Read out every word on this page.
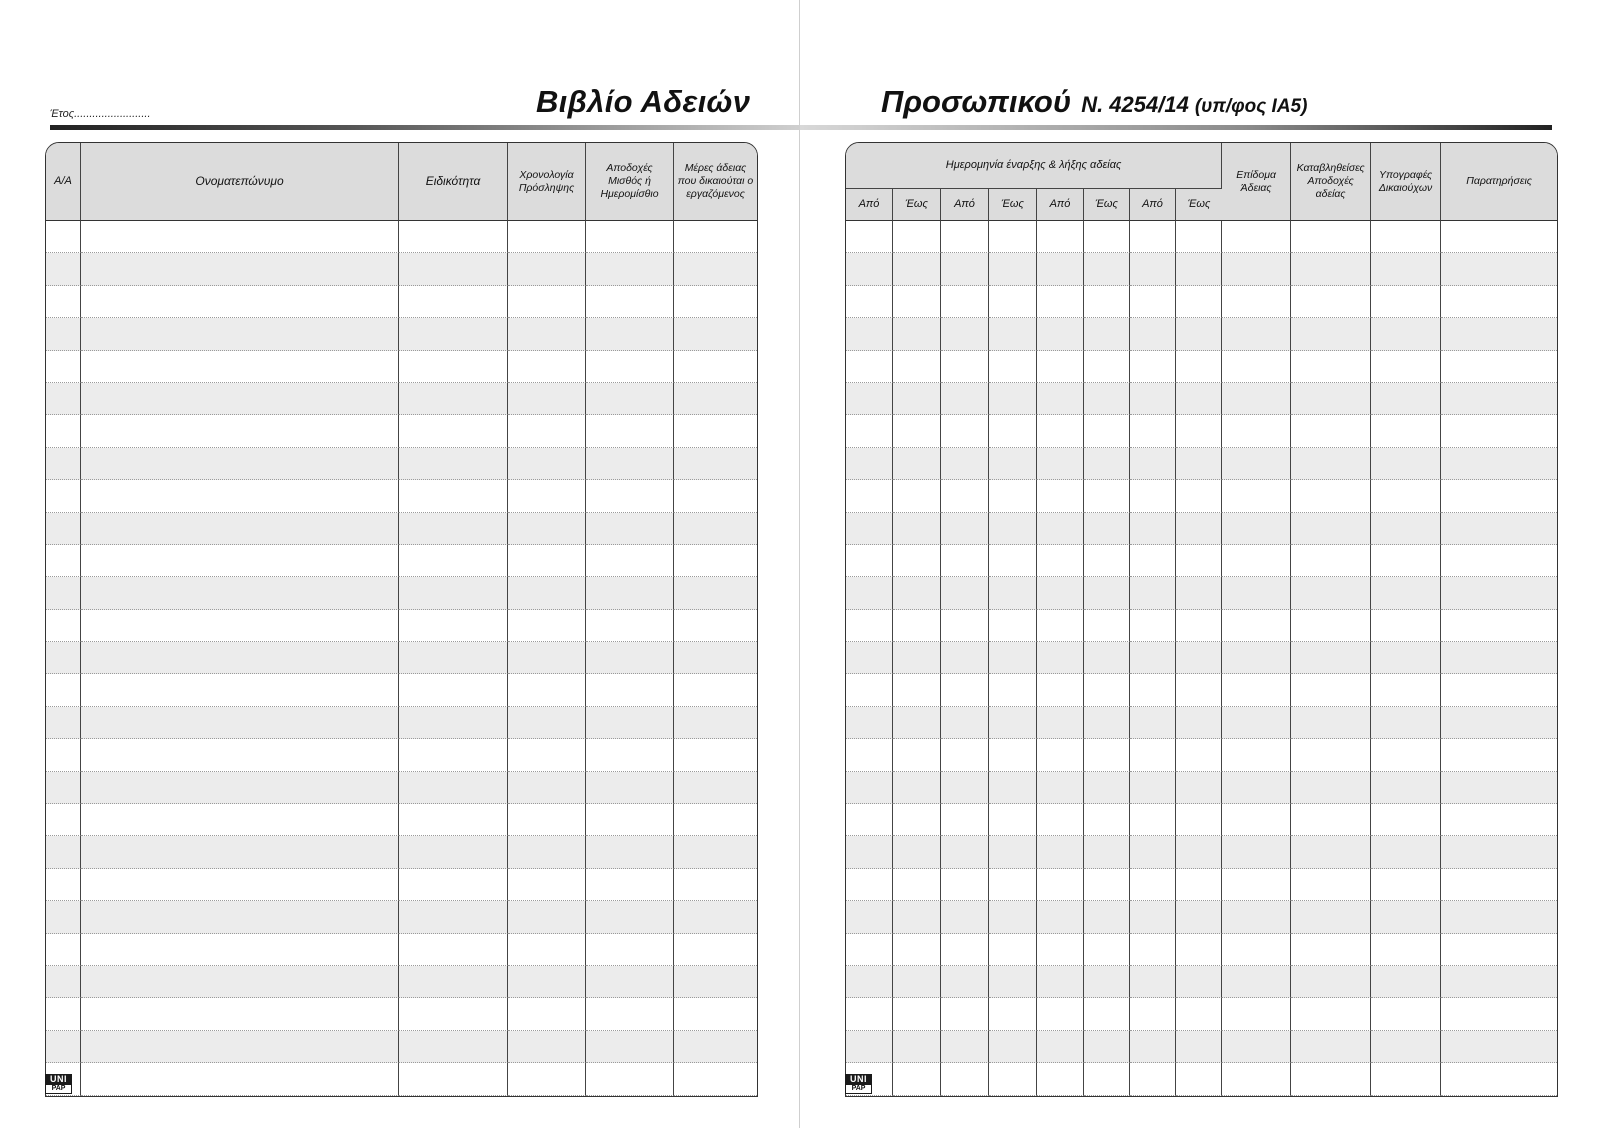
Έτος.........................	Βιβλίο Αδειών
Α/Α	Ονοματεπώνυμο	Ειδικότητα	Χρονολογία Πρόσληψης	Αποδοχές Μισθός ή Ημερομίσθιο	Μέρες άδειας που δικαιούται ο εργαζόμενος

UNI
PAP
Προσωπικού Ν. 4254/14 (υπ/φος ΙΑ5)
Ημερομηνία έναρξης & λήξης αδείας								Επίδομα Άδειας	Καταβληθείσες Αποδοχές αδείας	Υπογραφές Δικαιούχων	Παρατηρήσεις
Από	Έως	Από	Έως	Από	Έως	Από	Έως				

UNI
PAP
